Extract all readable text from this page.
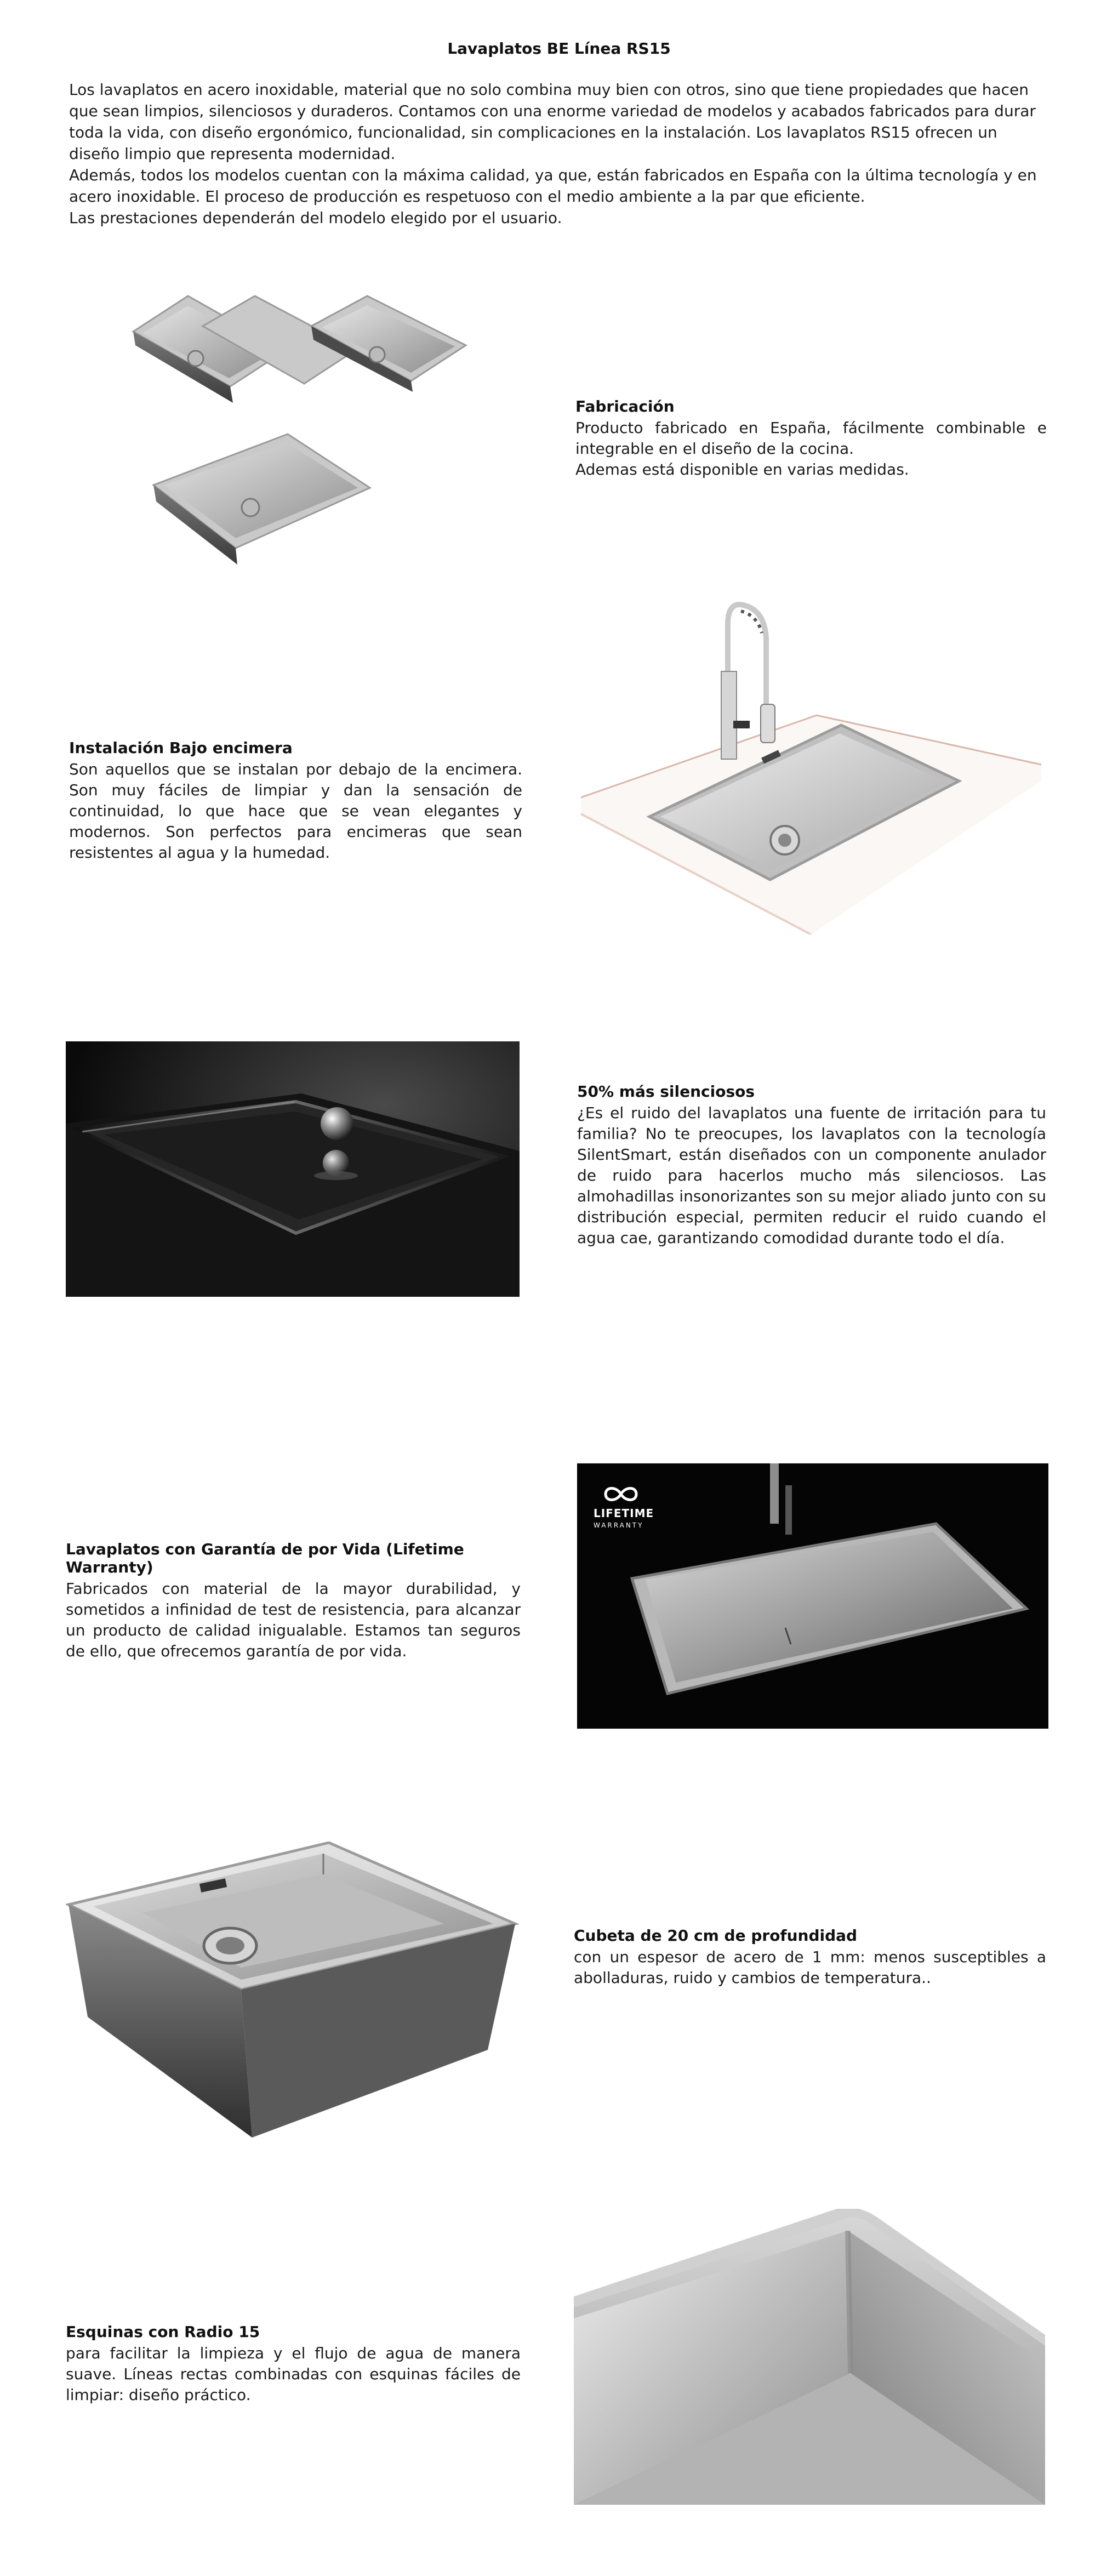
Lavaplatos BE Línea RS15

Los lavaplatos en acero inoxidable, material que no solo combina muy bien con otros, sino que tiene propiedades que hacen que sean limpios, silenciosos y duraderos. Contamos con una enorme variedad de modelos y acabados fabricados para durar toda la vida, con diseño ergonómico, funcionalidad, sin complicaciones en la instalación. Los lavaplatos RS15 ofrecen un diseño limpio que representa modernidad.

Además, todos los modelos cuentan con la máxima calidad, ya que, están fabricados en España con la última tecnología y en acero inoxidable. El proceso de producción es respetuoso con el medio ambiente a la par que eficiente.

Las prestaciones dependerán del modelo elegido por el usuario.

Fabricación

Producto fabricado en España, fácilmente combinable e integrable en el diseño de la cocina.

Ademas está disponible en varias medidas.

Instalación Bajo encimera

Son aquellos que se instalan por debajo de la encimera. Son muy fáciles de limpiar y dan la sensación de continuidad, lo que hace que se vean elegantes y modernos. Son perfectos para encimeras que sean resistentes al agua y la humedad.

50% más silenciosos

¿Es el ruido del lavaplatos una fuente de irritación para tu familia? No te preocupes, los lavaplatos con la tecnología SilentSmart, están diseñados con un componente anulador de ruido para hacerlos mucho más silenciosos. Las almohadillas insonorizantes son su mejor aliado junto con su distribución especial, permiten reducir el ruido cuando el agua cae, garantizando comodidad durante todo el día.

Lavaplatos con Garantía de por Vida (Lifetime Warranty)

Fabricados con material de la mayor durabilidad, y sometidos a infinidad de test de resistencia, para alcanzar un producto de calidad inigualable. Estamos tan seguros de ello, que ofrecemos garantía de por vida.

LIFETIME
WARRANTY
Cubeta de 20 cm de profundidad

con un espesor de acero de 1 mm: menos susceptibles a abolladuras, ruido y cambios de temperatura..

Esquinas con Radio 15

para facilitar la limpieza y el flujo de agua de manera suave. Líneas rectas combinadas con esquinas fáciles de limpiar: diseño práctico.
